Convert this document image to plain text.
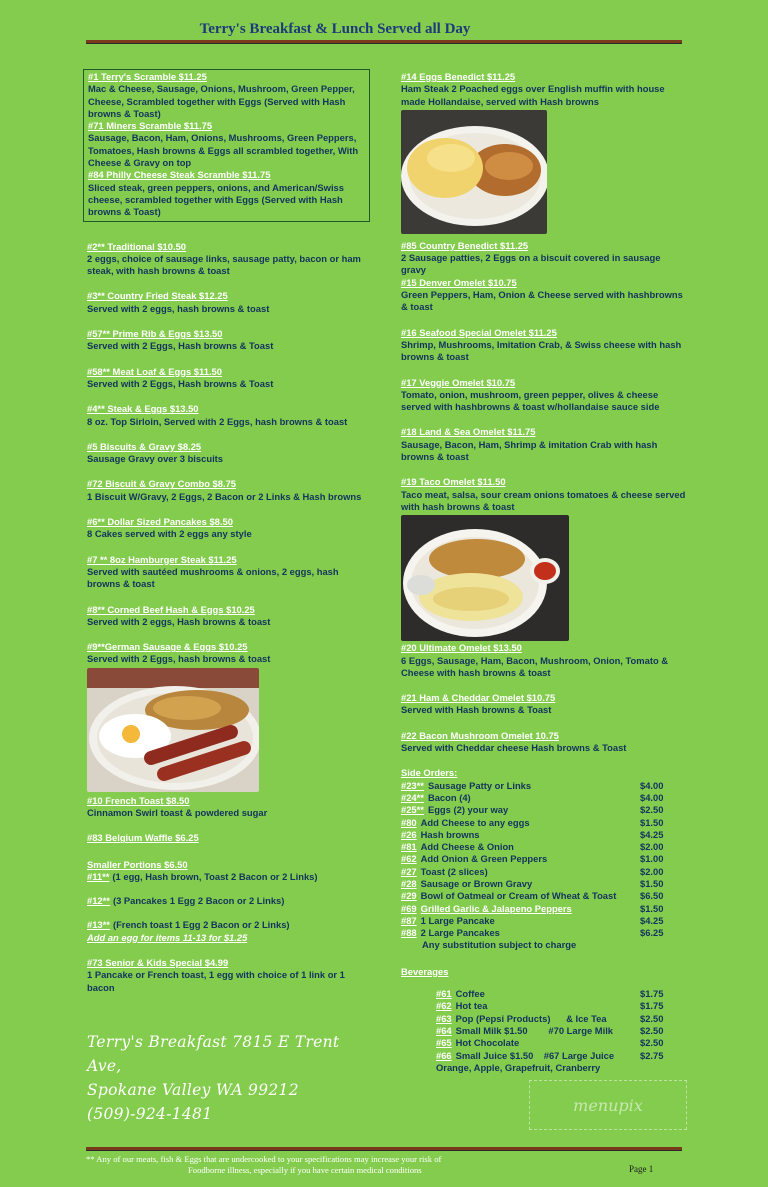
Terry's Breakfast & Lunch Served all Day
#1 Terry's Scramble $11.25
Mac & Cheese, Sausage, Onions, Mushroom, Green Pepper, Cheese, Scrambled together with Eggs (Served with Hash browns & Toast)
#71 Miners Scramble $11.75
Sausage, Bacon, Ham, Onions, Mushrooms, Green Peppers, Tomatoes, Hash browns & Eggs all scrambled together, With Cheese & Gravy on top
#84 Philly Cheese Steak Scramble $11.75
Sliced steak, green peppers, onions, and American/Swiss cheese, scrambled together with Eggs (Served with Hash browns & Toast)
#2** Traditional $10.50
2 eggs, choice of sausage links, sausage patty, bacon or ham steak, with hash browns & toast
#3** Country Fried Steak $12.25
Served with 2 eggs, hash browns & toast
#57** Prime Rib & Eggs $13.50
Served with 2 Eggs, Hash browns & Toast
#58** Meat Loaf & Eggs $11.50
Served with 2 Eggs, Hash browns & Toast
#4** Steak & Eggs $13.50
8 oz. Top Sirloin, Served with 2 Eggs, hash browns & toast
#5 Biscuits & Gravy $8.25
Sausage Gravy over 3 biscuits
#72 Biscuit & Gravy Combo $8.75
1 Biscuit W/Gravy, 2 Eggs, 2 Bacon or 2 Links & Hash browns
#6** Dollar Sized Pancakes $8.50
8 Cakes served with 2 eggs any style
#7 ** 8oz Hamburger Steak $11.25
Served with sautéed mushrooms & onions, 2 eggs, hash browns & toast
#8** Corned Beef Hash & Eggs $10.25
Served with 2 eggs, Hash browns & toast
#9**German Sausage & Eggs $10.25
Served with 2 Eggs, hash browns & toast
#10 French Toast $8.50
Cinnamon Swirl toast & powdered sugar
#83 Belgium Waffle $6.25
Smaller Portions $6.50
#11** (1 egg, Hash brown, Toast 2 Bacon or 2 Links)
#12** (3 Pancakes 1 Egg 2 Bacon or 2 Links)
#13** (French toast 1 Egg 2 Bacon or 2 Links)
Add an egg for items 11-13 for $1.25
#73 Senior & Kids Special $4.99
1 Pancake or French toast, 1 egg with choice of 1 link or 1 bacon
#14 Eggs Benedict $11.25
Ham Steak 2 Poached eggs over English muffin with house made Hollandaise, served with Hash browns
#85 Country Benedict $11.25
2 Sausage patties, 2 Eggs on a biscuit covered in sausage gravy
#15 Denver Omelet $10.75
Green Peppers, Ham, Onion & Cheese served with hashbrowns & toast
#16 Seafood Special Omelet $11.25
Shrimp, Mushrooms, Imitation Crab, & Swiss cheese with hash browns & toast
#17 Veggie Omelet $10.75
Tomato, onion, mushroom, green pepper, olives & cheese served with hashbrowns & toast w/hollandaise sauce side
#18 Land & Sea Omelet $11.75
Sausage, Bacon, Ham, Shrimp & imitation Crab with hash browns & toast
#19 Taco Omelet $11.50
Taco meat, salsa, sour cream onions tomatoes & cheese served with hash browns & toast
#20 Ultimate Omelet $13.50
6 Eggs, Sausage, Ham, Bacon, Mushroom, Onion, Tomato & Cheese with hash browns & toast
#21 Ham & Cheddar Omelet $10.75
Served with Hash browns & Toast
#22 Bacon Mushroom Omelet 10.75
Served with Cheddar cheese Hash browns & Toast
Side Orders:
#23** Sausage Patty or Links	$4.00
#24** Bacon (4)	$4.00
#25** Eggs (2) your way	$2.50
#80 Add Cheese to any eggs	$1.50
#26 Hash browns	$4.25
#81 Add Cheese & Onion	$2.00
#62 Add Onion & Green Peppers	$1.00
#27 Toast (2 slices)	$2.00
#28 Sausage or Brown Gravy	$1.50
#29 Bowl of Oatmeal or Cream of Wheat & Toast	$6.50
#69 Grilled Garlic & Jalapeno Peppers	$1.50
#87 1 Large Pancake	$4.25
#88 2 Large Pancakes	$6.25
Any substitution subject to charge
Beverages
#61 Coffee	$1.75
#62 Hot tea	$1.75
#63 Pop (Pepsi Products)      & Ice Tea	$2.50
#64 Small Milk $1.50        #70 Large Milk	$2.50
#65 Hot Chocolate	$2.50
#66 Small Juice $1.50    #67 Large Juice	$2.75
Orange, Apple, Grapefruit, Cranberry
Terry's Breakfast 7815 E Trent Ave,
Spokane Valley WA 99212
(509)-924-1481	menupix
** Any of our meats, fish & Eggs that are undercooked to your specifications may increase your risk of
Foodborne illness, especially if you have certain medical conditions	Page 1
